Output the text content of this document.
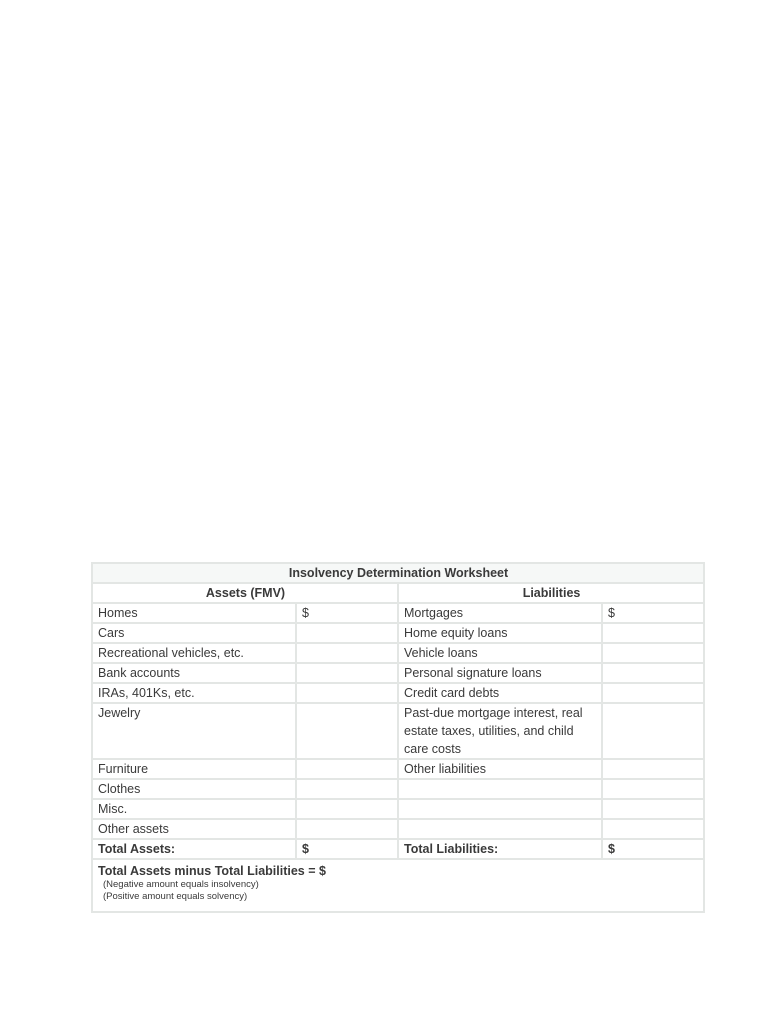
Insolvency Determination Worksheet			
Assets (FMV)		Liabilities	
Homes	$	Mortgages	$
Cars		Home equity loans	
Recreational vehicles, etc.		Vehicle loans	
Bank accounts		Personal signature loans	
IRAs, 401Ks, etc.		Credit card debts	
Jewelry		Past-due mortgage interest, real estate taxes, utilities, and child care costs	
Furniture		Other liabilities	
Clothes			
Misc.			
Other assets			
Total Assets:	$	Total Liabilities:	$

Total Assets minus Total Liabilities = $
(Negative amount equals insolvency)
(Positive amount equals solvency)			
